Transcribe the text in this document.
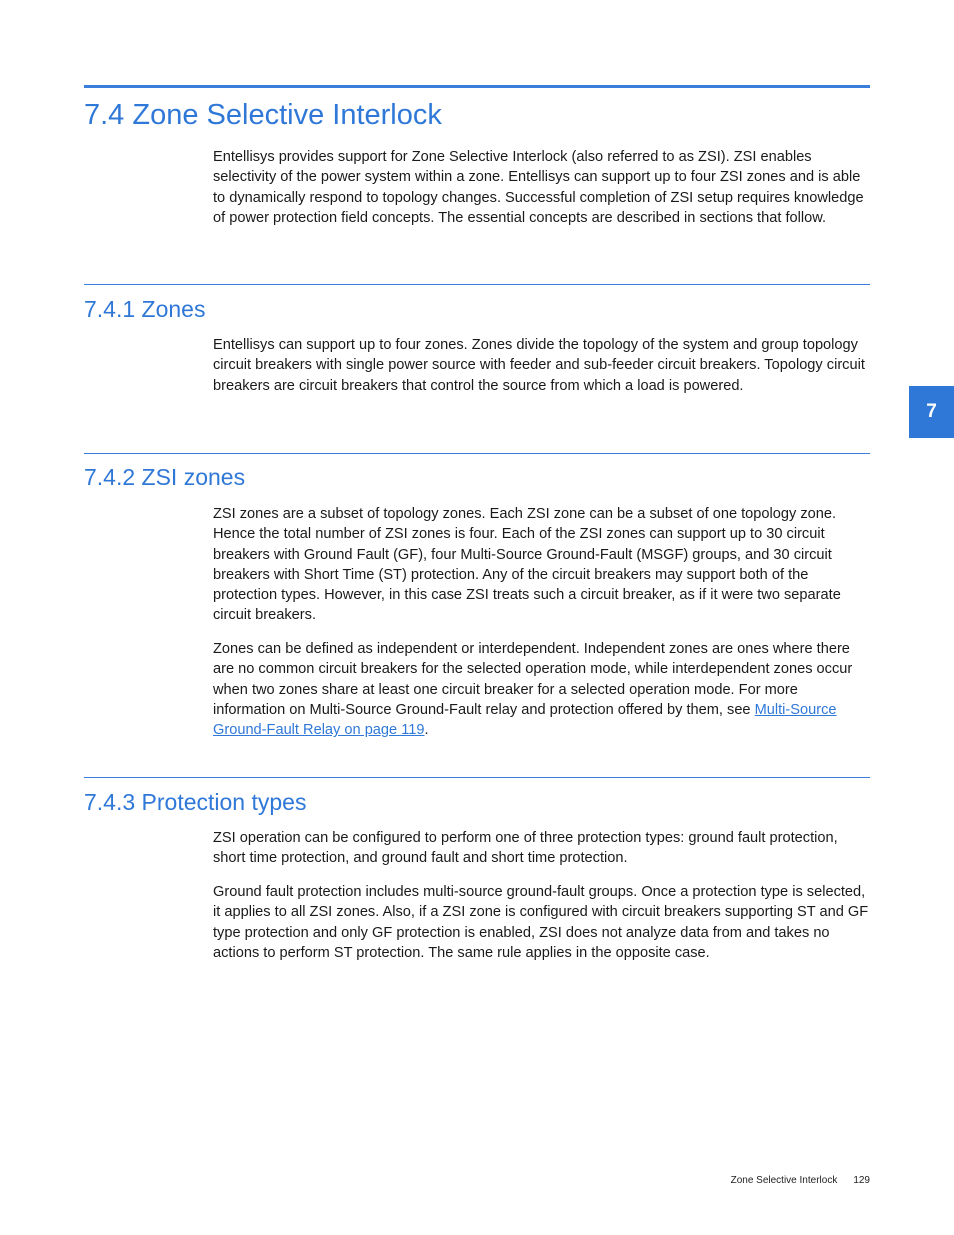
7.4 Zone Selective Interlock

Entellisys provides support for Zone Selective Interlock (also referred to as ZSI). ZSI enables selectivity of the power system within a zone. Entellisys can support up to four ZSI zones and is able to dynamically respond to topology changes. Successful completion of ZSI setup requires knowledge of power protection field concepts. The essential concepts are described in sections that follow.

7.4.1 Zones

Entellisys can support up to four zones. Zones divide the topology of the system and group topology circuit breakers with single power source with feeder and sub-feeder circuit breakers. Topology circuit breakers are circuit breakers that control the source from which a load is powered.

7.4.2 ZSI zones

ZSI zones are a subset of topology zones. Each ZSI zone can be a subset of one topology zone. Hence the total number of ZSI zones is four. Each of the ZSI zones can support up to 30 circuit breakers with Ground Fault (GF), four Multi-Source Ground-Fault (MSGF) groups, and 30 circuit breakers with Short Time (ST) protection. Any of the circuit breakers may support both of the protection types. However, in this case ZSI treats such a circuit breaker, as if it were two separate circuit breakers.

Zones can be defined as independent or interdependent. Independent zones are ones where there are no common circuit breakers for the selected operation mode, while interdependent zones occur when two zones share at least one circuit breaker for a selected operation mode. For more information on Multi-Source Ground-Fault relay and protection offered by them, see Multi-Source Ground-Fault Relay on page 119.

7.4.3 Protection types

ZSI operation can be configured to perform one of three protection types: ground fault protection, short time protection, and ground fault and short time protection.

Ground fault protection includes multi-source ground-fault groups. Once a protection type is selected, it applies to all ZSI zones. Also, if a ZSI zone is configured with circuit breakers supporting ST and GF type protection and only GF protection is enabled, ZSI does not analyze data from and takes no actions to perform ST protection. The same rule applies in the opposite case.

7
Zone Selective Interlock 129
